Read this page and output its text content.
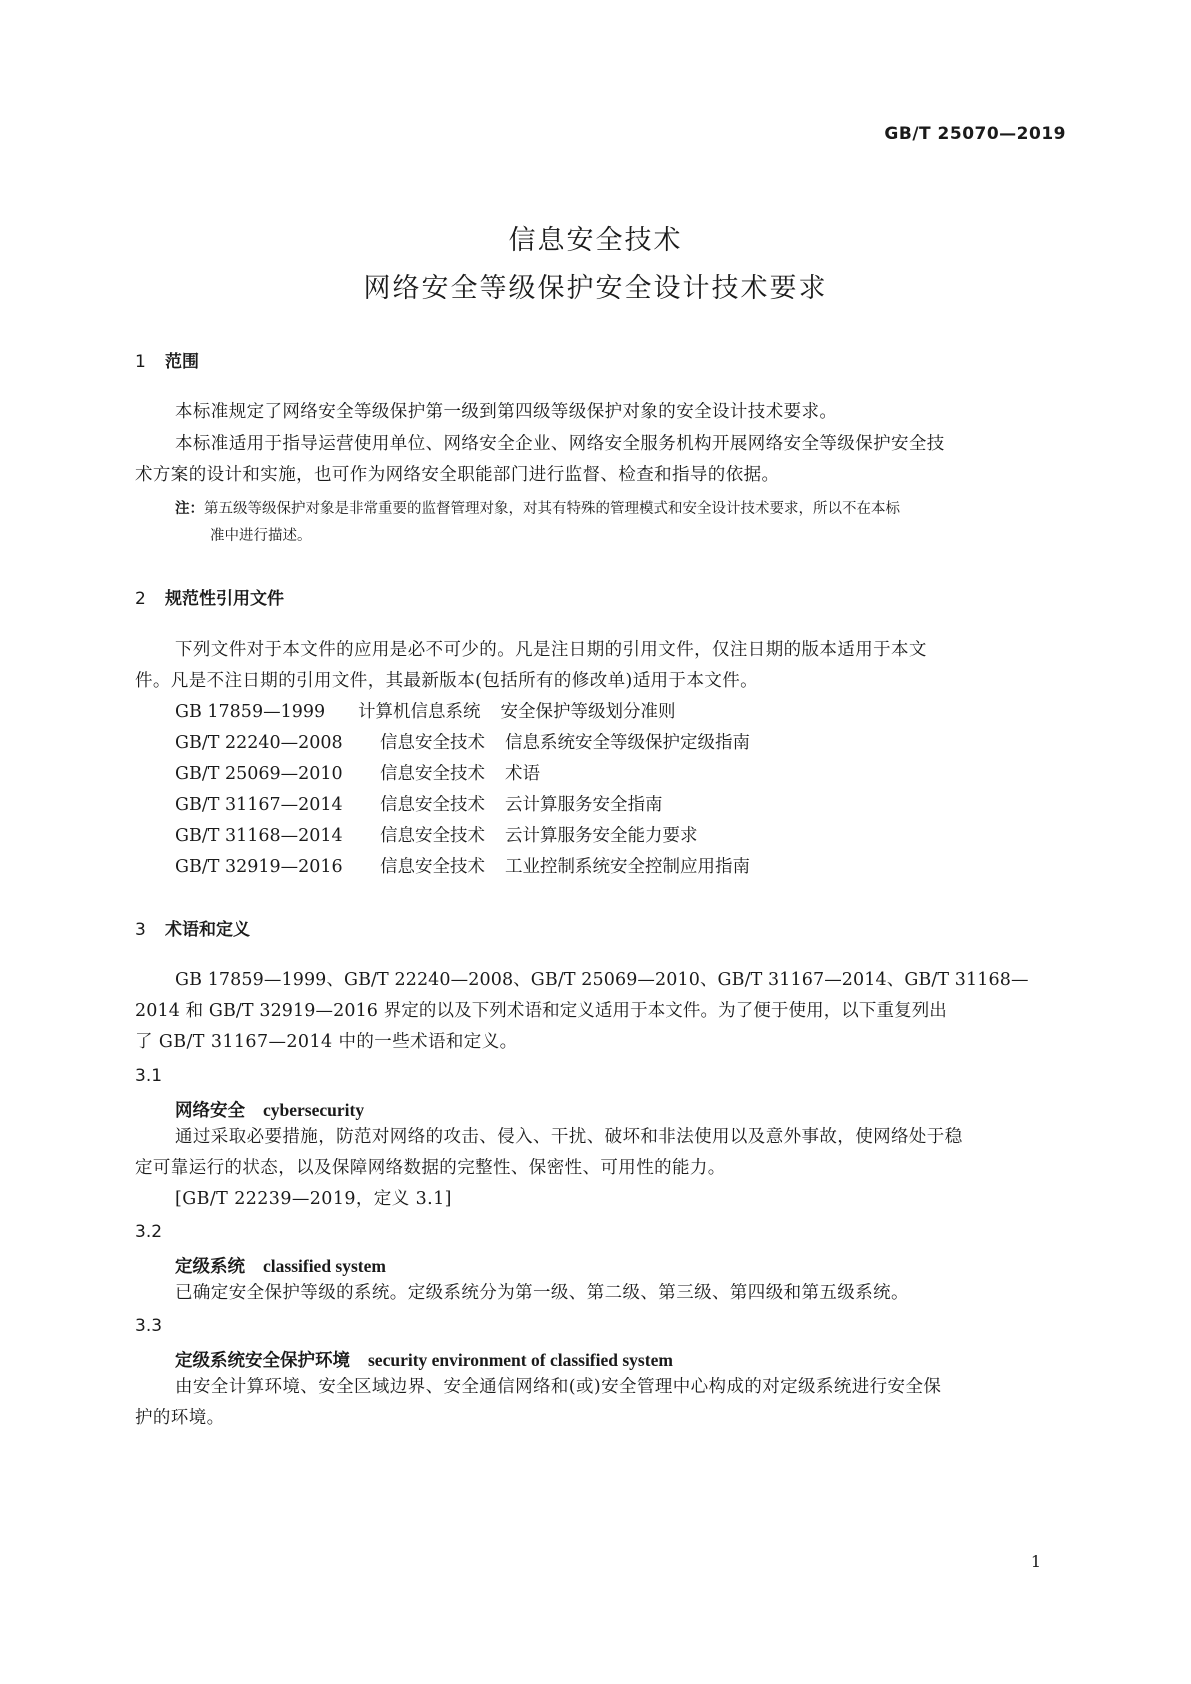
GB/T 25070—2019
信息安全技术
网络安全等级保护安全设计技术要求
1 范围
本标准规定了网络安全等级保护第一级到第四级等级保护对象的安全设计技术要求。
本标准适用于指导运营使用单位、网络安全企业、网络安全服务机构开展网络安全等级保护安全技
术方案的设计和实施，也可作为网络安全职能部门进行监督、检查和指导的依据。
注：第五级等级保护对象是非常重要的监督管理对象，对其有特殊的管理模式和安全设计技术要求，所以不在本标
准中进行描述。
2 规范性引用文件
下列文件对于本文件的应用是必不可少的。凡是注日期的引用文件，仅注日期的版本适用于本文
件。凡是不注日期的引用文件，其最新版本(包括所有的修改单)适用于本文件。
GB 17859—1999 计算机信息系统 安全保护等级划分准则
GB/T 22240—2008 信息安全技术 信息系统安全等级保护定级指南
GB/T 25069—2010 信息安全技术 术语
GB/T 31167—2014 信息安全技术 云计算服务安全指南
GB/T 31168—2014 信息安全技术 云计算服务安全能力要求
GB/T 32919—2016 信息安全技术 工业控制系统安全控制应用指南
3 术语和定义
GB 17859—1999、GB/T 22240—2008、GB/T 25069—2010、GB/T 31167—2014、GB/T 31168—
2014 和 GB/T 32919—2016 界定的以及下列术语和定义适用于本文件。为了便于使用，以下重复列出
了 GB/T 31167—2014 中的一些术语和定义。
3.1
网络安全 cybersecurity
通过采取必要措施，防范对网络的攻击、侵入、干扰、破坏和非法使用以及意外事故，使网络处于稳
定可靠运行的状态，以及保障网络数据的完整性、保密性、可用性的能力。
[GB/T 22239—2019，定义 3.1]
3.2
定级系统 classified system
已确定安全保护等级的系统。定级系统分为第一级、第二级、第三级、第四级和第五级系统。
3.3
定级系统安全保护环境 security environment of classified system
由安全计算环境、安全区域边界、安全通信网络和(或)安全管理中心构成的对定级系统进行安全保
护的环境。
1
